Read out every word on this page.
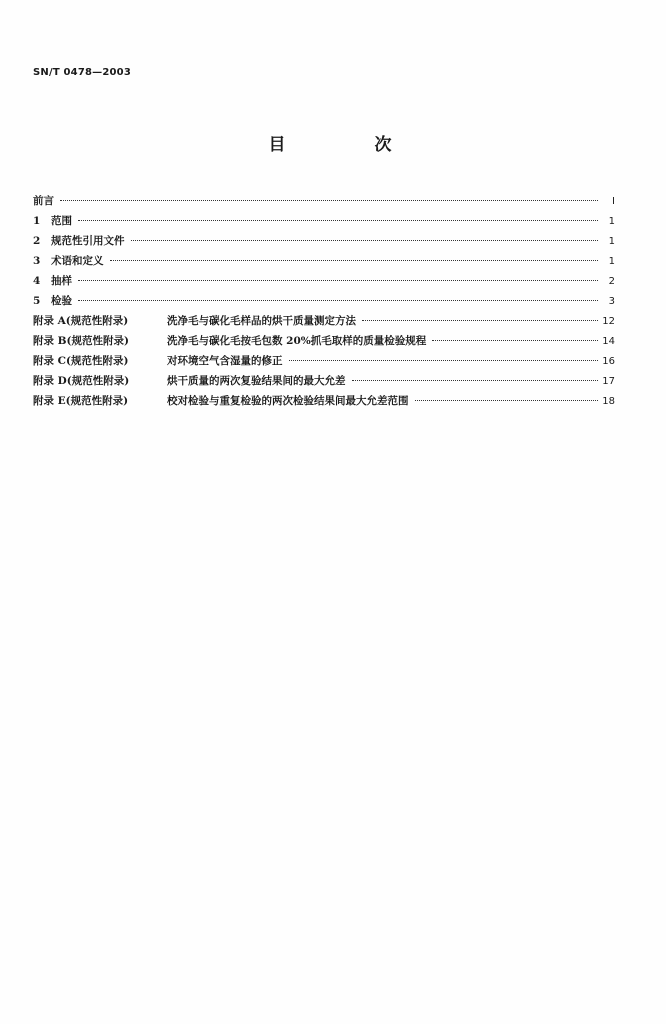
SN/T 0478—2003
目　次
前言	Ⅰ
1 范围	1
2 规范性引用文件	1
3 术语和定义	1
4 抽样	2
5 检验	3
附录 A(规范性附录)	洗净毛与碳化毛样品的烘干质量测定方法	12
附录 B(规范性附录)	洗净毛与碳化毛按毛包数 20%抓毛取样的质量检验规程	14
附录 C(规范性附录)	对环境空气含湿量的修正	16
附录 D(规范性附录)	烘干质量的两次复验结果间的最大允差	17
附录 E(规范性附录)	校对检验与重复检验的两次检验结果间最大允差范围	18
